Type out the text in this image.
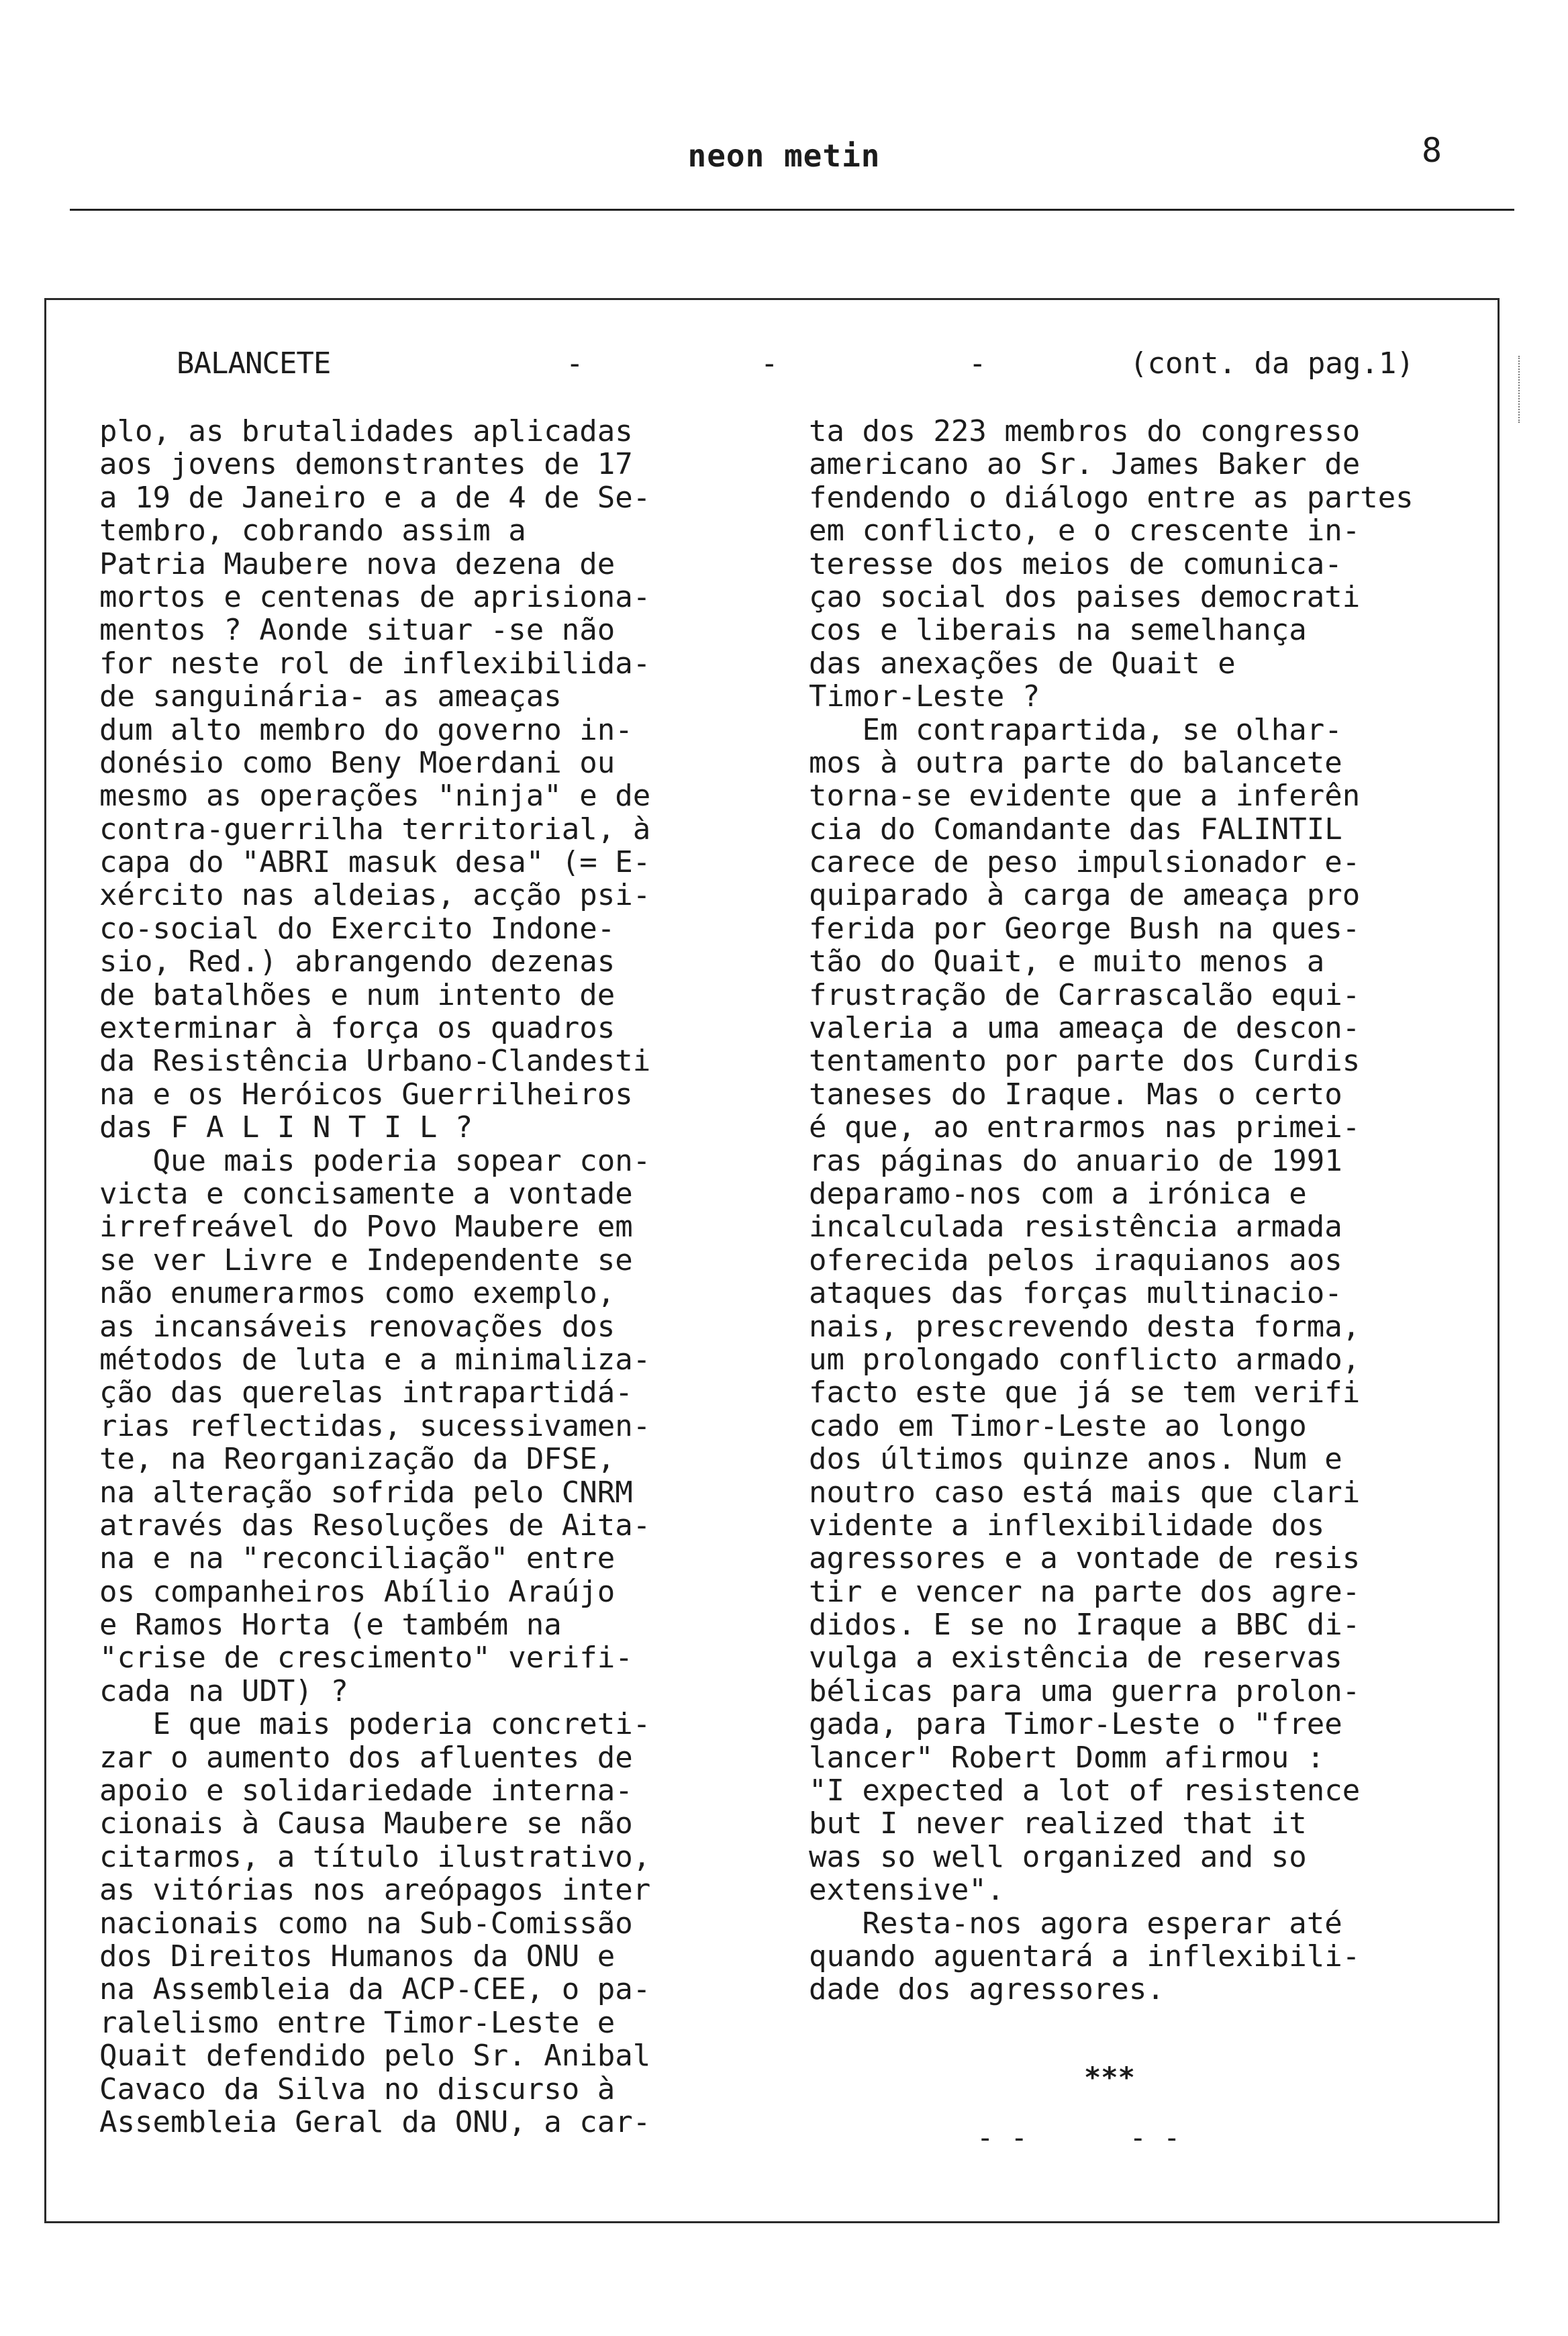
neon metin	8

BALANCETE

	-

	-

	-

	(cont. da pag.1)

plo, as brutalidades aplicadas
aos jovens demonstrantes de 17
a 19 de Janeiro e a de 4 de Se-
tembro, cobrando assim a
Patria Maubere nova dezena de
mortos e centenas de aprisiona-
mentos ? Aonde situar -se não
for neste rol de inflexibilida-
de sanguinária- as ameaças
dum alto membro do governo in-
donésio como Beny Moerdani ou
mesmo as operações "ninja" e de
contra-guerrilha territorial, à
capa do "ABRI masuk desa" (= E-
xército nas aldeias, acção psi-
co-social do Exercito Indone-
sio, Red.) abrangendo dezenas
de batalhões e num intento de
exterminar à força os quadros
da Resistência Urbano-Clandesti
na e os Heróicos Guerrilheiros
das F A L I N T I L ?
Que mais poderia sopear con-
victa e concisamente a vontade
irrefreável do Povo Maubere em
se ver Livre e Independente se
não enumerarmos como exemplo,
as incansáveis renovações dos
métodos de luta e a minimaliza-
ção das querelas intrapartidá-
rias reflectidas, sucessivamen-
te, na Reorganização da DFSE,
na alteração sofrida pelo CNRM
através das Resoluções de Aita-
na e na "reconciliação" entre
os companheiros Abílio Araújo
e Ramos Horta (e também na
"crise de crescimento" verifi-
cada na UDT) ?
E que mais poderia concreti-
zar o aumento dos afluentes de
apoio e solidariedade interna-
cionais à Causa Maubere se não
citarmos, a título ilustrativo,
as vitórias nos areópagos inter
nacionais como na Sub-Comissão
dos Direitos Humanos da ONU e
na Assembleia da ACP-CEE, o pa-
ralelismo entre Timor-Leste e
Quait defendido pelo Sr. Anibal
Cavaco da Silva no discurso à
Assembleia Geral da ONU, a car-
ta dos 223 membros do congresso
americano ao Sr. James Baker de
fendendo o diálogo entre as partes
em conflicto, e o crescente in-
teresse dos meios de comunica-
çao social dos paises democrati
cos e liberais na semelhança
das anexações de Quait e
Timor-Leste ?
Em contrapartida, se olhar-
mos à outra parte do balancete
torna-se evidente que a inferên
cia do Comandante das FALINTIL
carece de peso impulsionador e-
quiparado à carga de ameaça pro
ferida por George Bush na ques-
tão do Quait, e muito menos a
frustração de Carrascalão equi-
valeria a uma ameaça de descon-
tentamento por parte dos Curdis
taneses do Iraque. Mas o certo
é que, ao entrarmos nas primei-
ras páginas do anuario de 1991
deparamo-nos com a irónica e
incalculada resistência armada
oferecida pelos iraquianos aos
ataques das forças multinacio-
nais, prescrevendo desta forma,
um prolongado conflicto armado,
facto este que já se tem verifi
cado em Timor-Leste ao longo
dos últimos quinze anos. Num e
noutro caso está mais que clari
vidente a inflexibilidade dos
agressores e a vontade de resis
tir e vencer na parte dos agre-
didos. E se no Iraque a BBC di-
vulga a existência de reservas
bélicas para uma guerra prolon-
gada, para Timor-Leste o "free
lancer" Robert Domm afirmou :
"I expected a lot of resistence
but I never realized that it
was so well organized and so
extensive".
Resta-nos agora esperar até
quando aguentará a inflexibili-
dade dos agressores.
***
- -      - -
